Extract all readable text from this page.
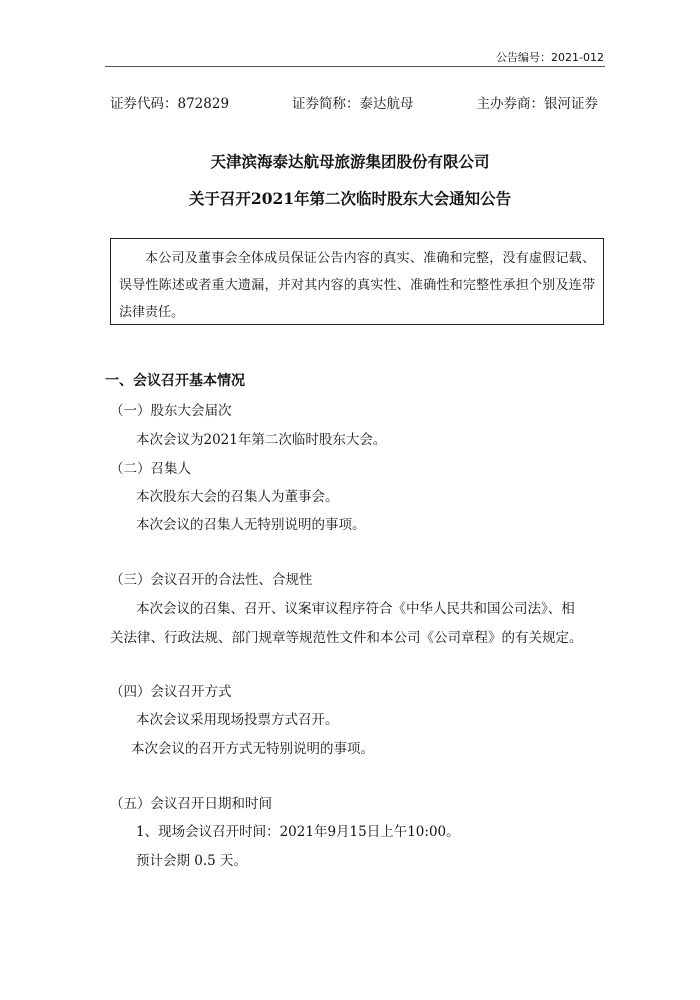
公告编号：2021-012
证券代码：872829	证券简称：泰达航母	主办券商：银河证券
天津滨海泰达航母旅游集团股份有限公司
关于召开2021年第二次临时股东大会通知公告
本公司及董事会全体成员保证公告内容的真实、准确和完整，没有虚假记载、误导性陈述或者重大遗漏，并对其内容的真实性、准确性和完整性承担个别及连带法律责任。
一、会议召开基本情况
（一）股东大会届次
本次会议为2021年第二次临时股东大会。
（二）召集人
本次股东大会的召集人为董事会。
本次会议的召集人无特别说明的事项。
（三）会议召开的合法性、合规性
本次会议的召集、召开、议案审议程序符合《中华人民共和国公司法》、相
关法律、行政法规、部门规章等规范性文件和本公司《公司章程》的有关规定。
（四）会议召开方式
本次会议采用现场投票方式召开。
本次会议的召开方式无特别说明的事项。
（五）会议召开日期和时间
1、现场会议召开时间：2021年9月15日上午10:00。
预计会期 0.5 天。
